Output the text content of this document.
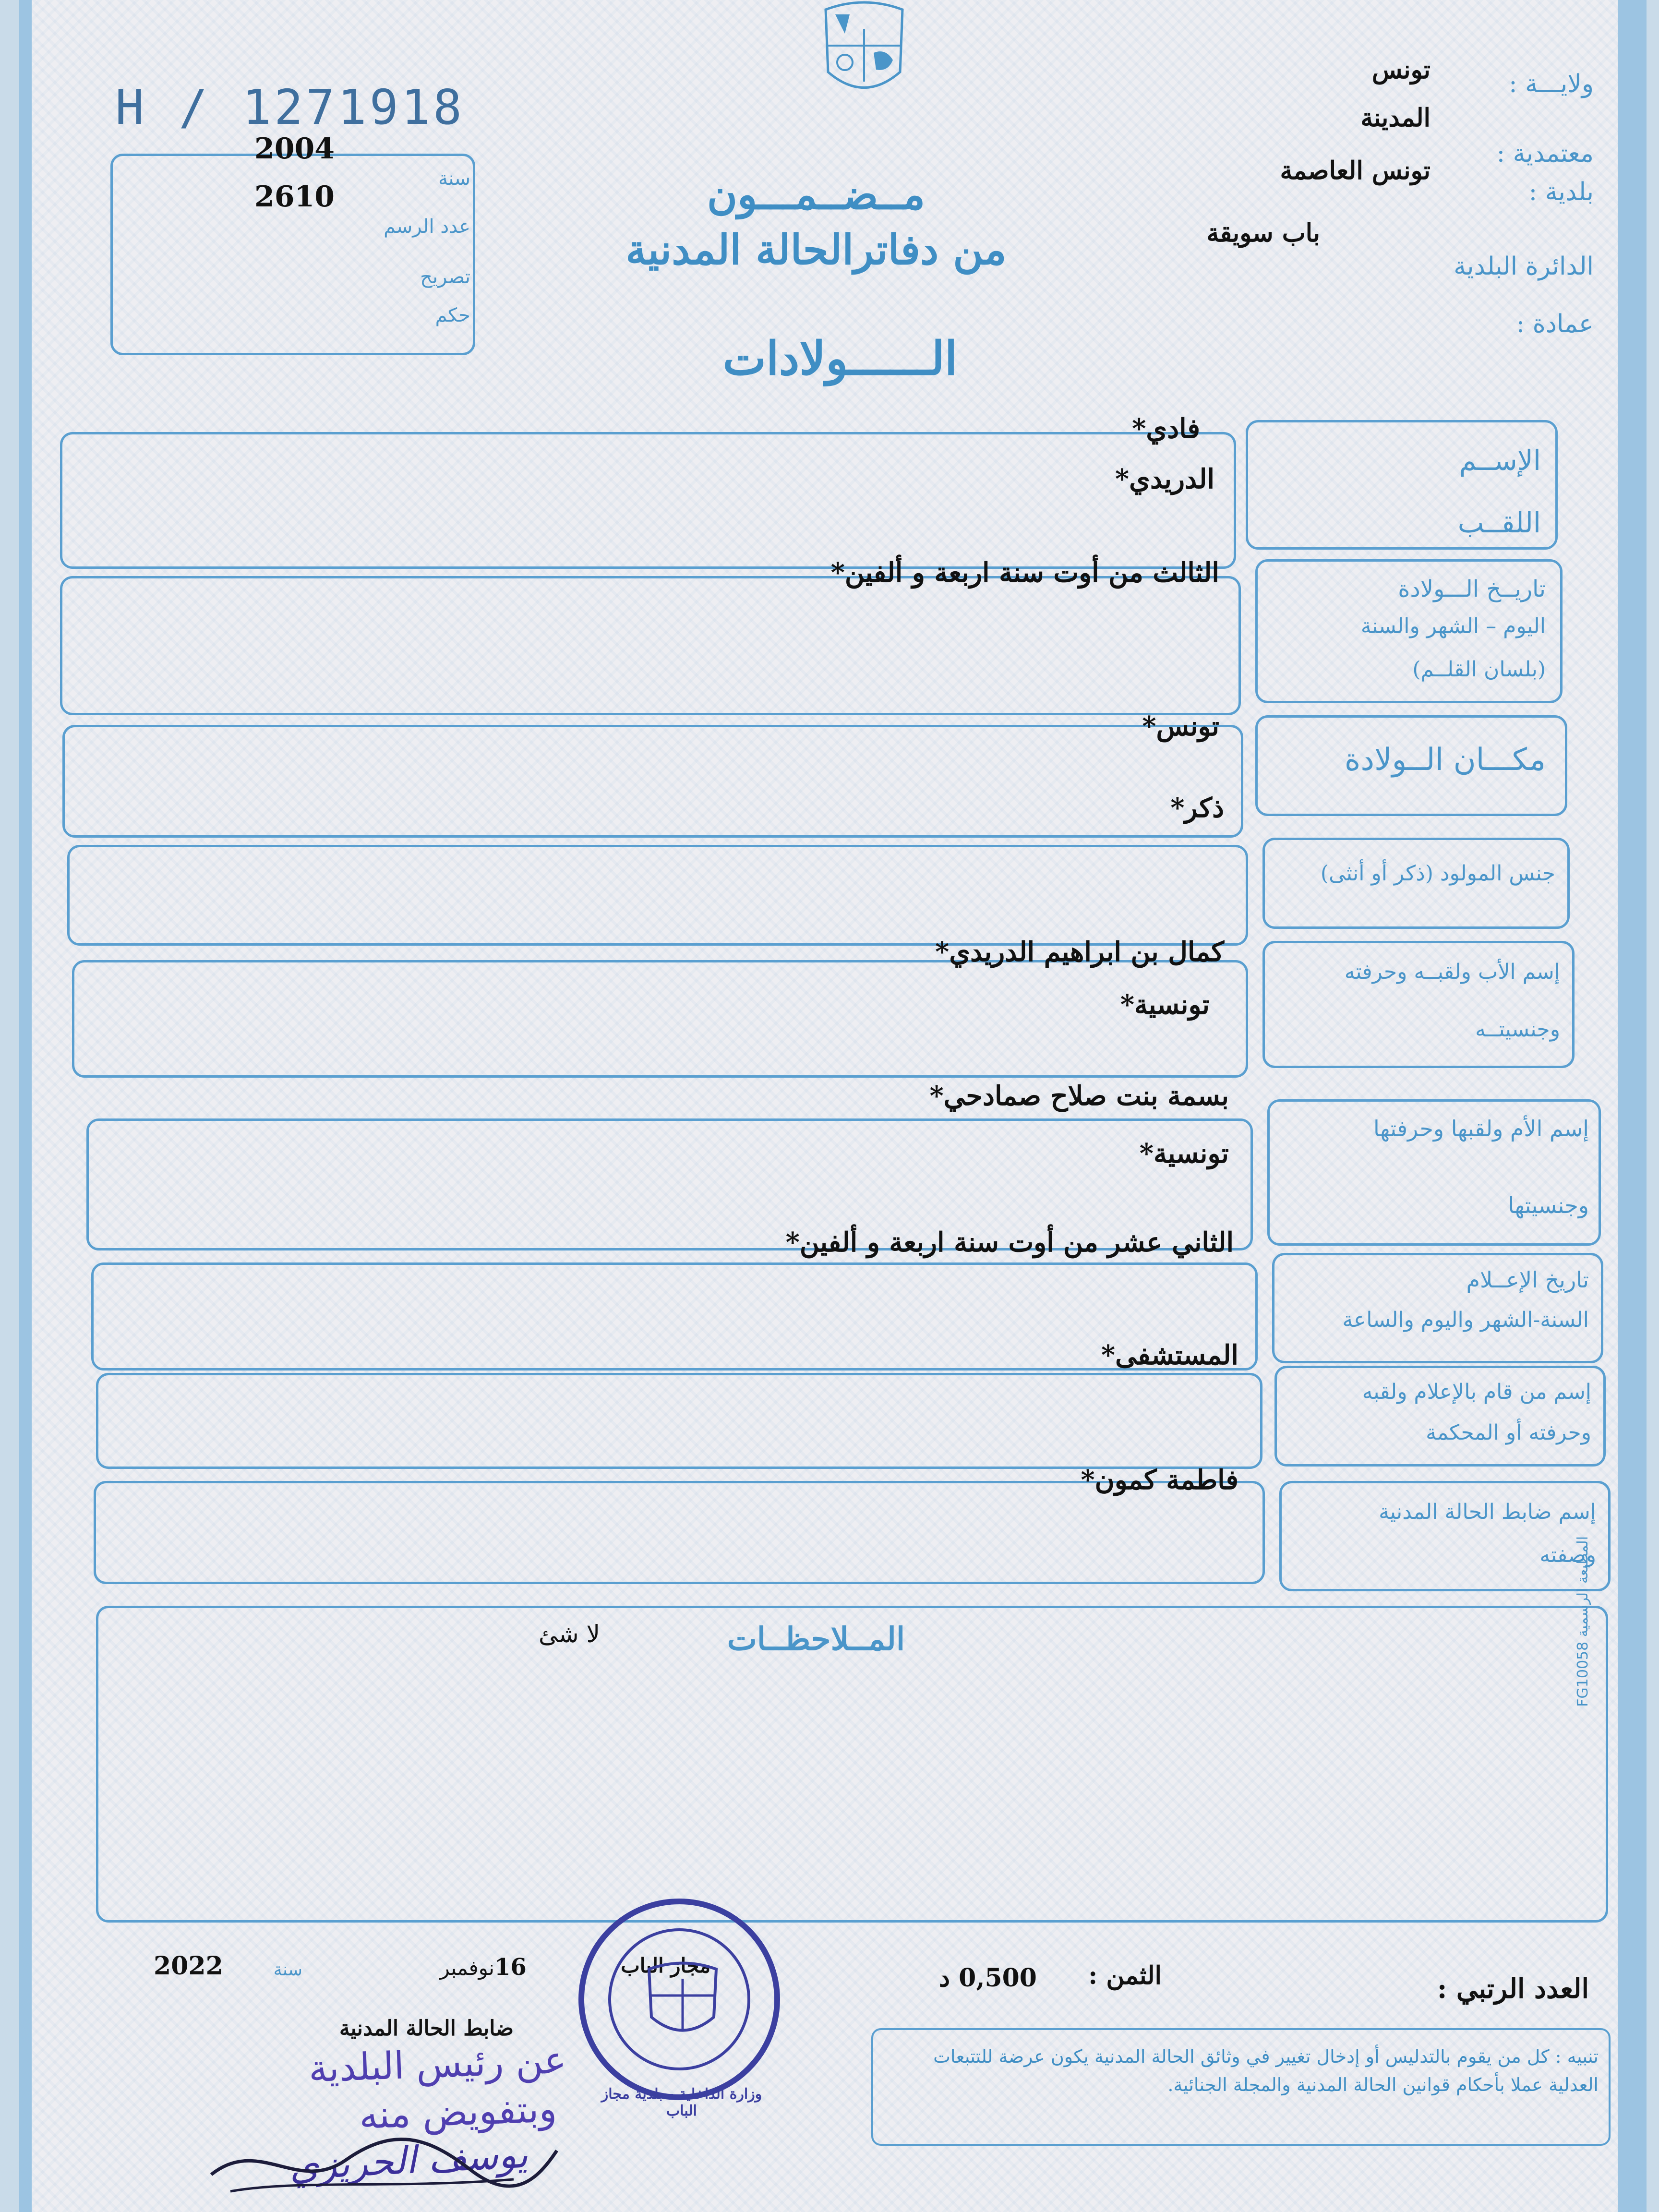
H / 1271918
2004
2610
سنة
عدد الرسم
تصريح
حكم
ولايـــة :
تونس
المدينة
معتمدية :
تونس العاصمة
بلدية :
باب سويقة
الدائرة البلدية
عمادة :
مــضــمـــون
من دفاترالحالة المدنية
الــــــولادات
الإســم
اللقــب
فادي*
الدريدي*
تاريــخ الـــولادة
اليوم – الشهر والسنة
(بلسان القلــم)
الثالث من أوت سنة اربعة و ألفين*
مكـــان الــولادة
تونس*
جنس المولود (ذكر أو أنثى)
ذكر*
إسم الأب ولقبــه وحرفته
وجنسيتــه
كمال بن ابراهيم الدريدي*
تونسية*
إسم الأم ولقبها وحرفتها
وجنسيتها
بسمة بنت صلاح صمادحي*
تونسية*
تاريخ الإعــلام
السنة-الشهر واليوم والساعة
الثاني عشر من أوت سنة اربعة و ألفين*
إسم من قام بالإعلام ولقبه
وحرفته أو المحكمة
المستشفى*
إسم ضابط الحالة المدنية
وصفته
فاطمة كمون*
المــلاحظــات
لا شئ
المطبعة الرسمية FG10058
العدد الرتبي :
الثمن :
0,500 د
مجاز الباب
16
نوفمبر
سنة
2022
ضابط الحالة المدنية
عن رئيس البلدية
وبتفويض منه
يوسف الحريزي
وزارة الداخلية - بلدية مجاز الباب
تنبيه : كل من يقوم بالتدليس أو إدخال تغيير في وثائق الحالة المدنية يكون عرضة للتتبعات العدلية عملا بأحكام قوانين الحالة المدنية والمجلة الجنائية.
